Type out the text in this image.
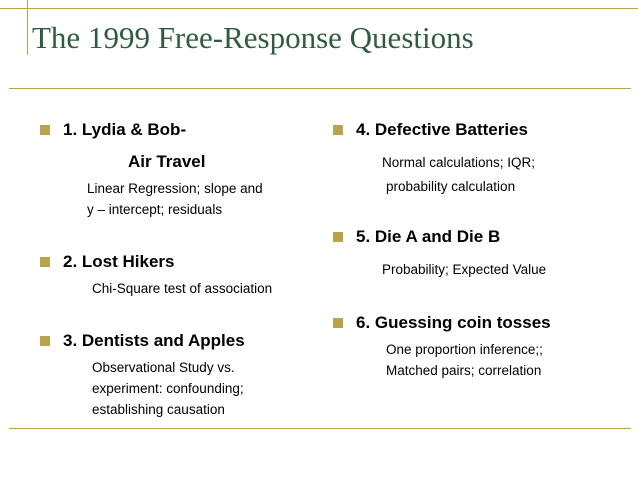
The 1999 Free-Response Questions
1. Lydia & Bob-
Air Travel
Linear Regression; slope and
y – intercept; residuals
2. Lost Hikers
Chi-Square test of association
3. Dentists and Apples
Observational Study vs.
experiment: confounding;
establishing causation
4. Defective Batteries
Normal calculations; IQR;
probability calculation
5. Die A and Die B
Probability; Expected Value
6. Guessing coin tosses
One proportion inference;;
Matched pairs; correlation
